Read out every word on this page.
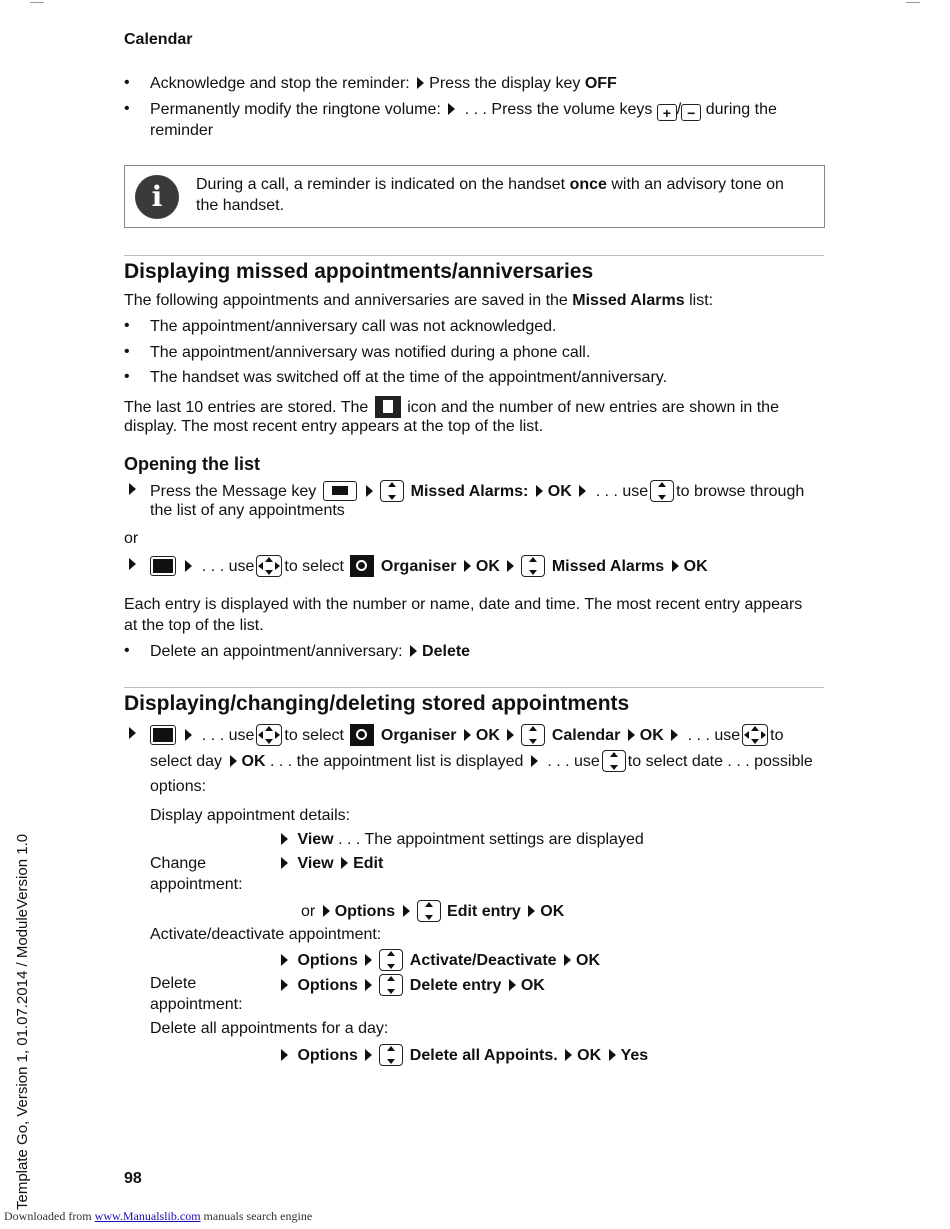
Calendar
• Acknowledge and stop the reminder: Press the display key OFF
• Permanently modify the ringtone volume: . . . Press the volume keys + / − during the
reminder
i	During a call, a reminder is indicated on the handset once with an advisory tone on
the handset.
Displaying missed appointments/anniversaries
The following appointments and anniversaries are saved in the Missed Alarms list:
• The appointment/anniversary call was not acknowledged.
• The appointment/anniversary was notified during a phone call.
• The handset was switched off at the time of the appointment/anniversary.
The last 10 entries are stored. The icon and the number of new entries are shown in the
display. The most recent entry appears at the top of the list.
Opening the list
Press the Message key	Missed Alarms: OK . . . use to browse through
the list of any appointments
or
. . . use to select Organiser OK	Missed Alarms OK
Each entry is displayed with the number or name, date and time. The most recent entry appears
at the top of the list.
• Delete an appointment/anniversary: Delete
Displaying/changing/deleting stored appointments
. . . use to select Organiser OK	Calendar OK . . . use to
select day OK . . . the appointment list is displayed . . . use to select date . . . possible
options:
Display appointment details:
View . . . The appointment settings are displayed
Change
appointment:
View Edit
or Options	Edit entry OK
Activate/deactivate appointment:
Options	Activate/Deactivate OK
Delete
appointment:
Options	Delete entry OK
Delete all appointments for a day:
Options	Delete all Appoints. OK Yes
98
Template Go, Version 1, 01.07.2014 / ModuleVersion 1.0
Downloaded from www.Manualslib.com manuals search engine
